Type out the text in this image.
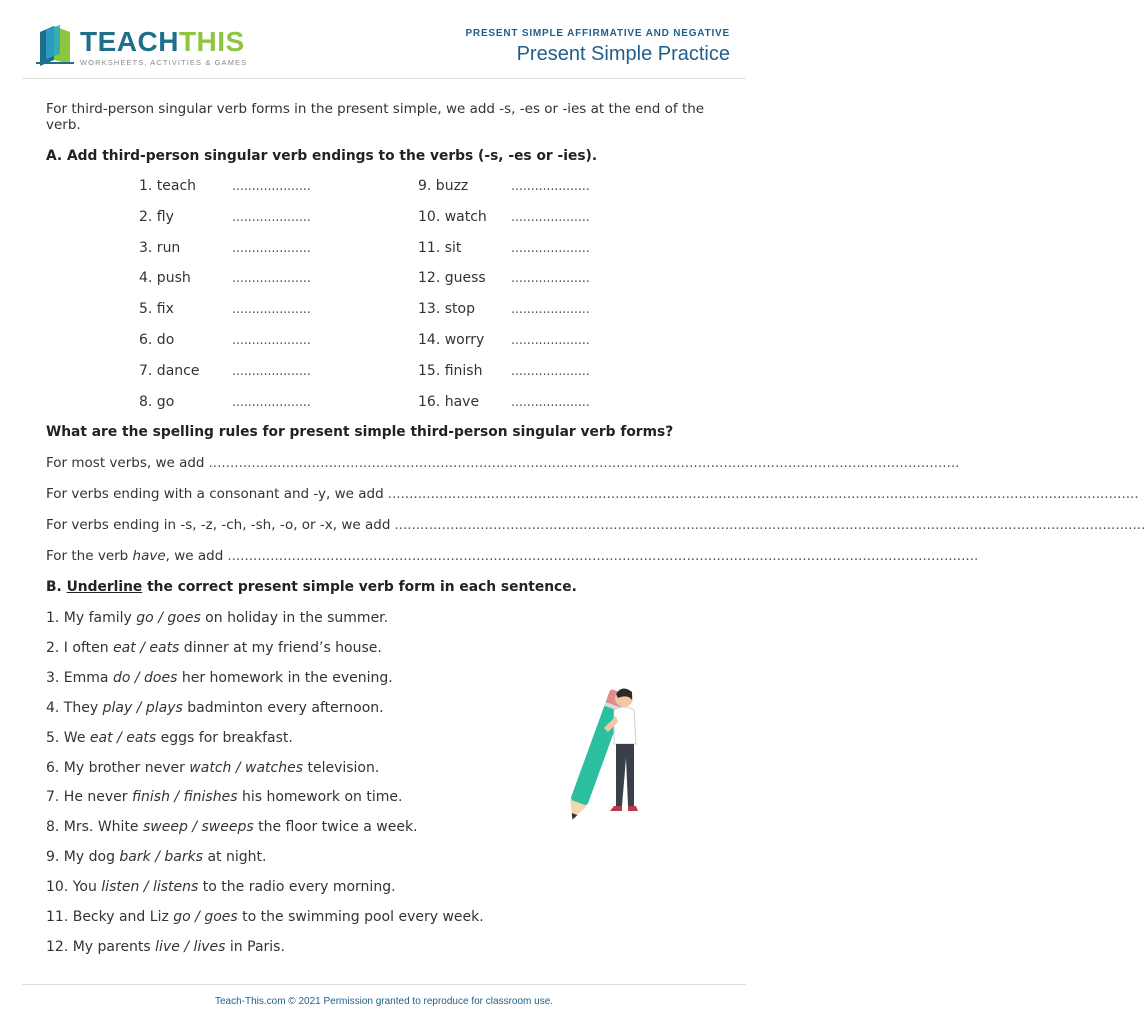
TEACHTHIS
WORKSHEETS, ACTIVITIES & GAMES
PRESENT SIMPLE AFFIRMATIVE AND NEGATIVE
Present Simple Practice
For third-person singular verb forms in the present simple, we add -s, -es or -ies at the end of the verb.
A. Add third-person singular verb endings to the verbs (-s, -es or -ies).
1. teach	....................
2. fly	....................
3. run	....................
4. push	....................
5. fix	....................
6. do	....................
7. dance	....................
8. go	....................
9. buzz	....................
10. watch ....................
11. sit	....................
12. guess ....................
13. stop	....................
14. worry ....................
15. finish ....................
16. have ....................
What are the spelling rules for present simple third-person singular verb forms?
For most verbs, we add ...............................................................................................................................................................................
For verbs ending with a consonant and -y, we add ...............................................................................................................................................................................
For verbs ending in -s, -z, -ch, -sh, -o, or -x, we add ...............................................................................................................................................................................
For the verb have, we add ...............................................................................................................................................................................
B. Underline the correct present simple verb form in each sentence.
1. My family go / goes on holiday in the summer.
2. I often eat / eats dinner at my friend’s house.
3. Emma do / does her homework in the evening.
4. They play / plays badminton every afternoon.
5. We eat / eats eggs for breakfast.
6. My brother never watch / watches television.
7. He never finish / finishes his homework on time.
8. Mrs. White sweep / sweeps the floor twice a week.
9. My dog bark / barks at night.
10. You listen / listens to the radio every morning.
11. Becky and Liz go / goes to the swimming pool every week.
12. My parents live / lives in Paris.
Teach-This.com © 2021 Permission granted to reproduce for classroom use.
